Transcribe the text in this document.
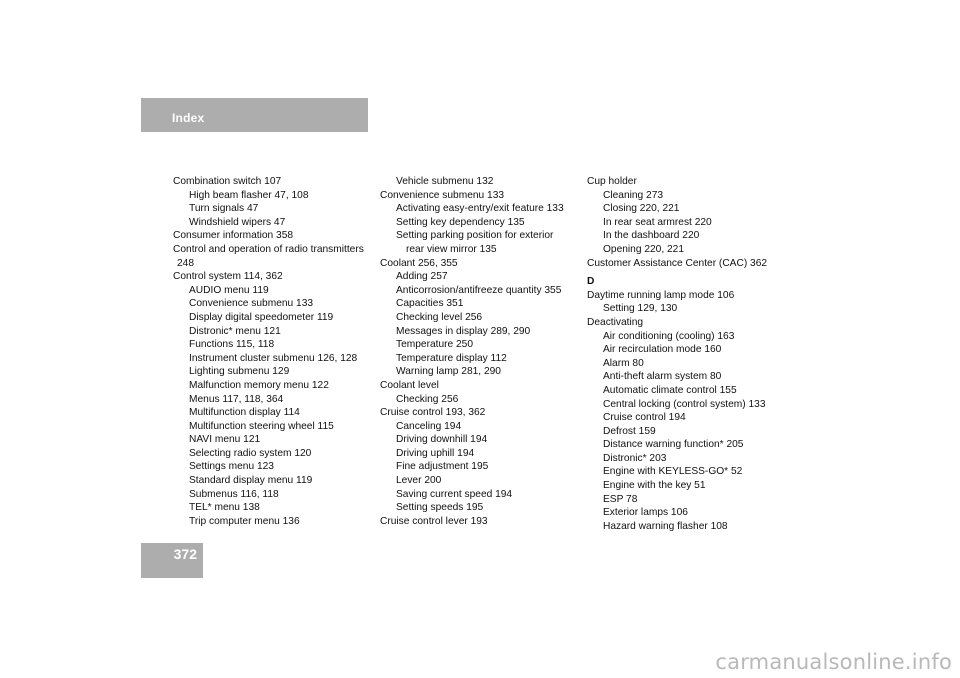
Index
Combination switch 107
High beam flasher 47, 108
Turn signals 47
Windshield wipers 47
Consumer information 358
Control and operation of radio transmitters
248
Control system 114, 362
AUDIO menu 119
Convenience submenu 133
Display digital speedometer 119
Distronic* menu 121
Functions 115, 118
Instrument cluster submenu 126, 128
Lighting submenu 129
Malfunction memory menu 122
Menus 117, 118, 364
Multifunction display 114
Multifunction steering wheel 115
NAVI menu 121
Selecting radio system 120
Settings menu 123
Standard display menu 119
Submenus 116, 118
TEL* menu 138
Trip computer menu 136
Vehicle submenu 132
Convenience submenu 133
Activating easy-entry/exit feature 133
Setting key dependency 135
Setting parking position for exterior
rear view mirror 135
Coolant 256, 355
Adding 257
Anticorrosion/antifreeze quantity 355
Capacities 351
Checking level 256
Messages in display 289, 290
Temperature 250
Temperature display 112
Warning lamp 281, 290
Coolant level
Checking 256
Cruise control 193, 362
Canceling 194
Driving downhill 194
Driving uphill 194
Fine adjustment 195
Lever 200
Saving current speed 194
Setting speeds 195
Cruise control lever 193
Cup holder
Cleaning 273
Closing 220, 221
In rear seat armrest 220
In the dashboard 220
Opening 220, 221
Customer Assistance Center (CAC) 362
D
Daytime running lamp mode 106
Setting 129, 130
Deactivating
Air conditioning (cooling) 163
Air recirculation mode 160
Alarm 80
Anti-theft alarm system 80
Automatic climate control 155
Central locking (control system) 133
Cruise control 194
Defrost 159
Distance warning function* 205
Distronic* 203
Engine with KEYLESS-GO* 52
Engine with the key 51
ESP 78
Exterior lamps 106
Hazard warning flasher 108
372
carmanualsonline.info
